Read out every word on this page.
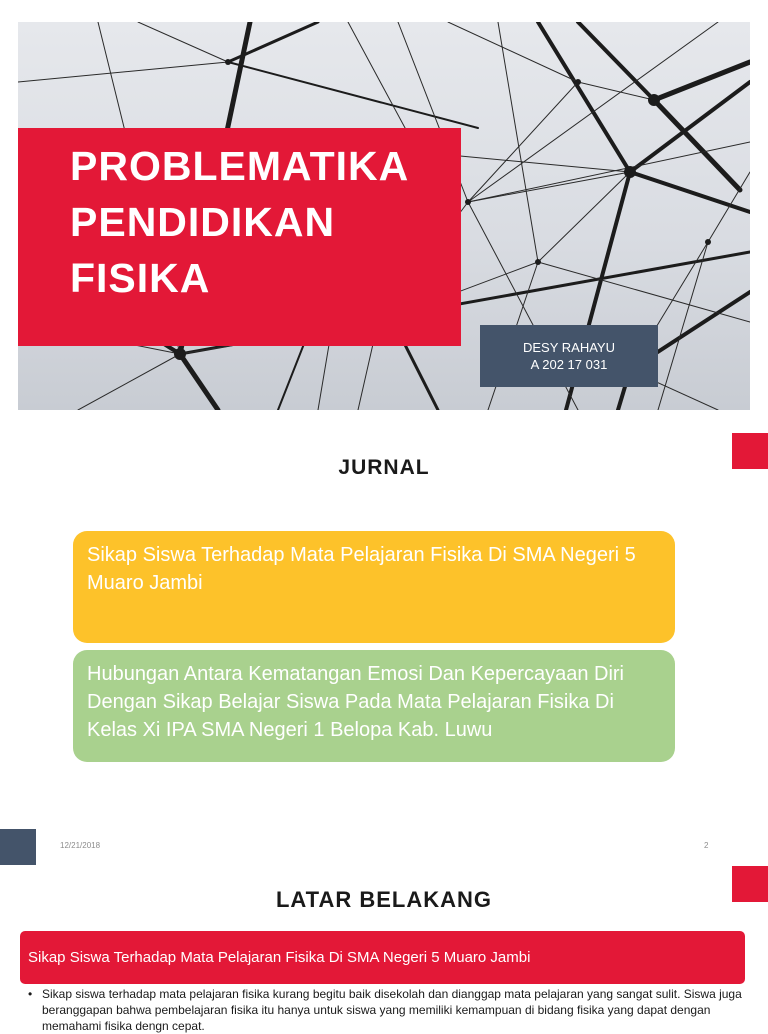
PROBLEMATIKA
PENDIDIKAN
FISIKA
DESY RAHAYU
A 202 17 031
JURNAL
Sikap Siswa Terhadap Mata Pelajaran Fisika Di SMA Negeri 5 Muaro Jambi
Hubungan Antara Kematangan Emosi Dan Kepercayaan Diri Dengan Sikap Belajar Siswa Pada Mata Pelajaran Fisika Di Kelas Xi IPA SMA Negeri 1 Belopa Kab. Luwu
12/21/2018	2
LATAR BELAKANG
Sikap Siswa Terhadap Mata Pelajaran Fisika Di SMA Negeri 5 Muaro Jambi
• Sikap siswa terhadap mata pelajaran fisika kurang begitu baik disekolah dan dianggap mata pelajaran yang sangat sulit. Siswa juga beranggapan bahwa pembelajaran fisika itu hanya untuk siswa yang memiliki kemampuan di bidang fisika yang dapat dengan memahami fisika dengn cepat.
